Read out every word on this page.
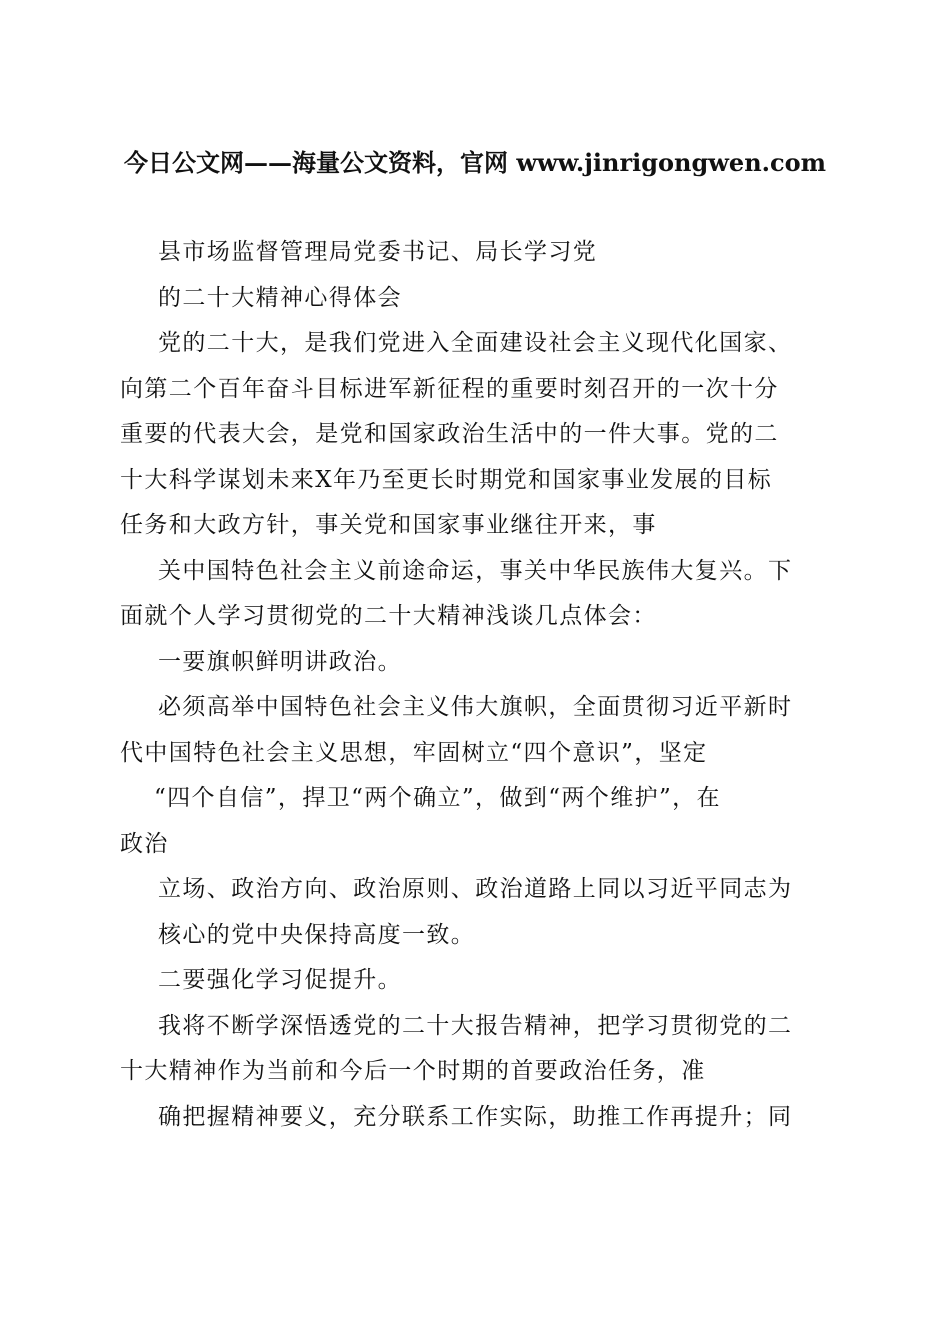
今日公文网——海量公文资料，官网 www.jinrigongwen.com
县市场监督管理局党委书记、局长学习党
的二十大精神心得体会
党的二十大，是我们党进入全面建设社会主义现代化国家、
向第二个百年奋斗目标进军新征程的重要时刻召开的一次十分
重要的代表大会，是党和国家政治生活中的一件大事。党的二
十大科学谋划未来X年乃至更长时期党和国家事业发展的目标
任务和大政方针，事关党和国家事业继往开来，事
关中国特色社会主义前途命运，事关中华民族伟大复兴。下
面就个人学习贯彻党的二十大精神浅谈几点体会：
一要旗帜鲜明讲政治。
必须高举中国特色社会主义伟大旗帜，全面贯彻习近平新时
代中国特色社会主义思想，牢固树立“四个意识”，坚定
“四个自信”，捍卫“两个确立”，做到“两个维护”，在
政治
立场、政治方向、政治原则、政治道路上同以习近平同志为
核心的党中央保持高度一致。
二要强化学习促提升。
我将不断学深悟透党的二十大报告精神，把学习贯彻党的二
十大精神作为当前和今后一个时期的首要政治任务，准
确把握精神要义，充分联系工作实际，助推工作再提升；同
